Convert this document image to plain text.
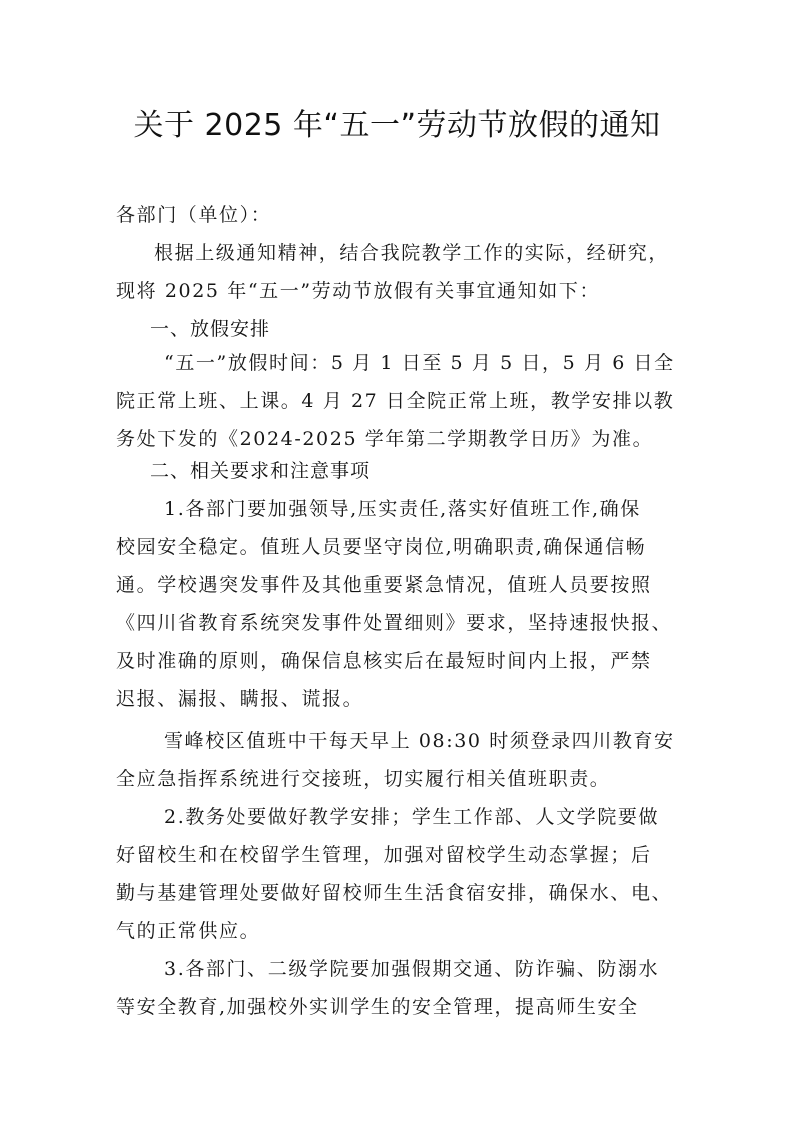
关于 2025 年“五一”劳动节放假的通知
各部门（单位）：
根据上级通知精神，结合我院教学工作的实际，经研究，
现将 2025 年“五一”劳动节放假有关事宜通知如下：
一、放假安排
“五一”放假时间：5 月 1 日至 5 月 5 日，5 月 6 日全
院正常上班、上课。4 月 27 日全院正常上班，教学安排以教
务处下发的《2024-2025 学年第二学期教学日历》为准。
二、相关要求和注意事项
1.各部门要加强领导,压实责任,落实好值班工作,确保
校园安全稳定。值班人员要坚守岗位,明确职责,确保通信畅
通。学校遇突发事件及其他重要紧急情况，值班人员要按照
《四川省教育系统突发事件处置细则》要求，坚持速报快报、
及时准确的原则，确保信息核实后在最短时间内上报，严禁
迟报、漏报、瞒报、谎报。
雪峰校区值班中干每天早上 08:30 时须登录四川教育安
全应急指挥系统进行交接班，切实履行相关值班职责。
2.教务处要做好教学安排；学生工作部、人文学院要做
好留校生和在校留学生管理，加强对留校学生动态掌握；后
勤与基建管理处要做好留校师生生活食宿安排，确保水、电、
气的正常供应。
3.各部门、二级学院要加强假期交通、防诈骗、防溺水
等安全教育,加强校外实训学生的安全管理，提高师生安全
